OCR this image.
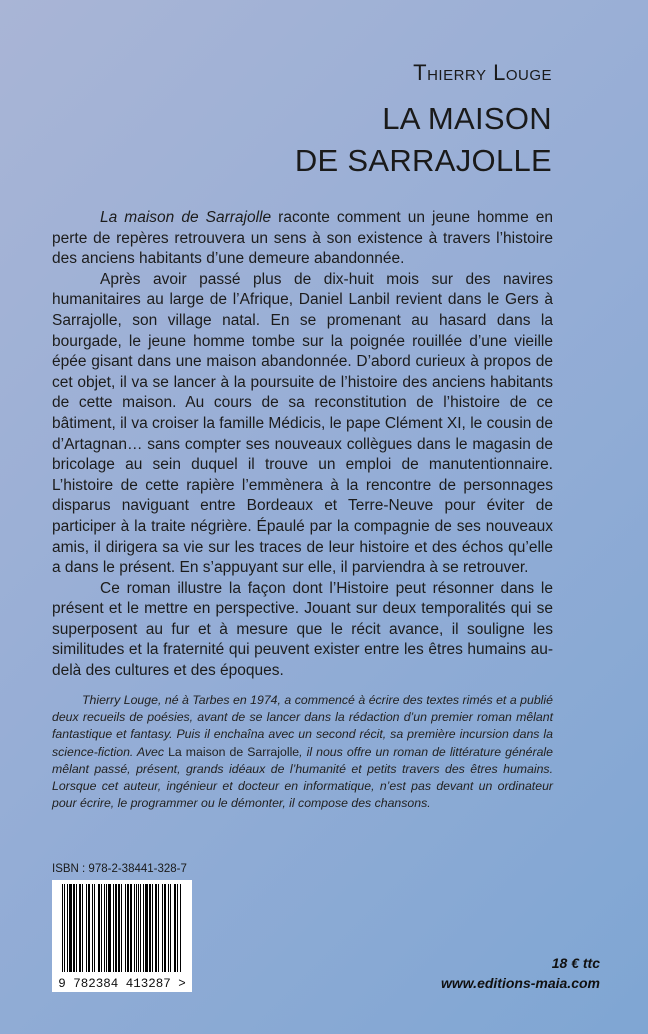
Thierry Louge
LA MAISON
DE SARRAJOLLE

La maison de Sarrajolle raconte comment un jeune homme en perte de repères retrouvera un sens à son existence à travers l’histoire des anciens habitants d’une demeure abandonnée.

Après avoir passé plus de dix-huit mois sur des navires humanitaires au large de l’Afrique, Daniel Lanbil revient dans le Gers à Sarrajolle, son village natal. En se promenant au hasard dans la bourgade, le jeune homme tombe sur la poignée rouillée d’une vieille épée gisant dans une maison abandonnée. D’abord curieux à propos de cet objet, il va se lancer à la poursuite de l’histoire des anciens habitants de cette maison. Au cours de sa reconstitution de l’histoire de ce bâtiment, il va croiser la famille Médicis, le pape Clément XI, le cousin de d’Artagnan… sans compter ses nouveaux collègues dans le magasin de bricolage au sein duquel il trouve un emploi de manutentionnaire. L’histoire de cette rapière l’emmènera à la rencontre de personnages disparus naviguant entre Bordeaux et Terre-Neuve pour éviter de participer à la traite négrière. Épaulé par la compagnie de ses nouveaux amis, il dirigera sa vie sur les traces de leur histoire et des échos qu’elle a dans le présent. En s’appuyant sur elle, il parviendra à se retrouver.

Ce roman illustre la façon dont l’Histoire peut résonner dans le présent et le mettre en perspective. Jouant sur deux temporalités qui se superposent au fur et à mesure que le récit avance, il souligne les similitudes et la fraternité qui peuvent exister entre les êtres humains au-delà des cultures et des époques.

Thierry Louge, né à Tarbes en 1974, a commencé à écrire des textes rimés et a publié deux recueils de poésies, avant de se lancer dans la rédaction d’un premier roman mêlant fantastique et fantasy. Puis il enchaîna avec un second récit, sa première incursion dans la science-fiction. Avec La maison de Sarrajolle, il nous offre un roman de littérature générale mêlant passé, présent, grands idéaux de l’humanité et petits travers des êtres humains. Lorsque cet auteur, ingénieur et docteur en informatique, n’est pas devant un ordinateur pour écrire, le programmer ou le démonter, il compose des chansons.

ISBN : 978-2-38441-328-7
9 782384 413287 >
18 € ttc
www.editions-maia.com
